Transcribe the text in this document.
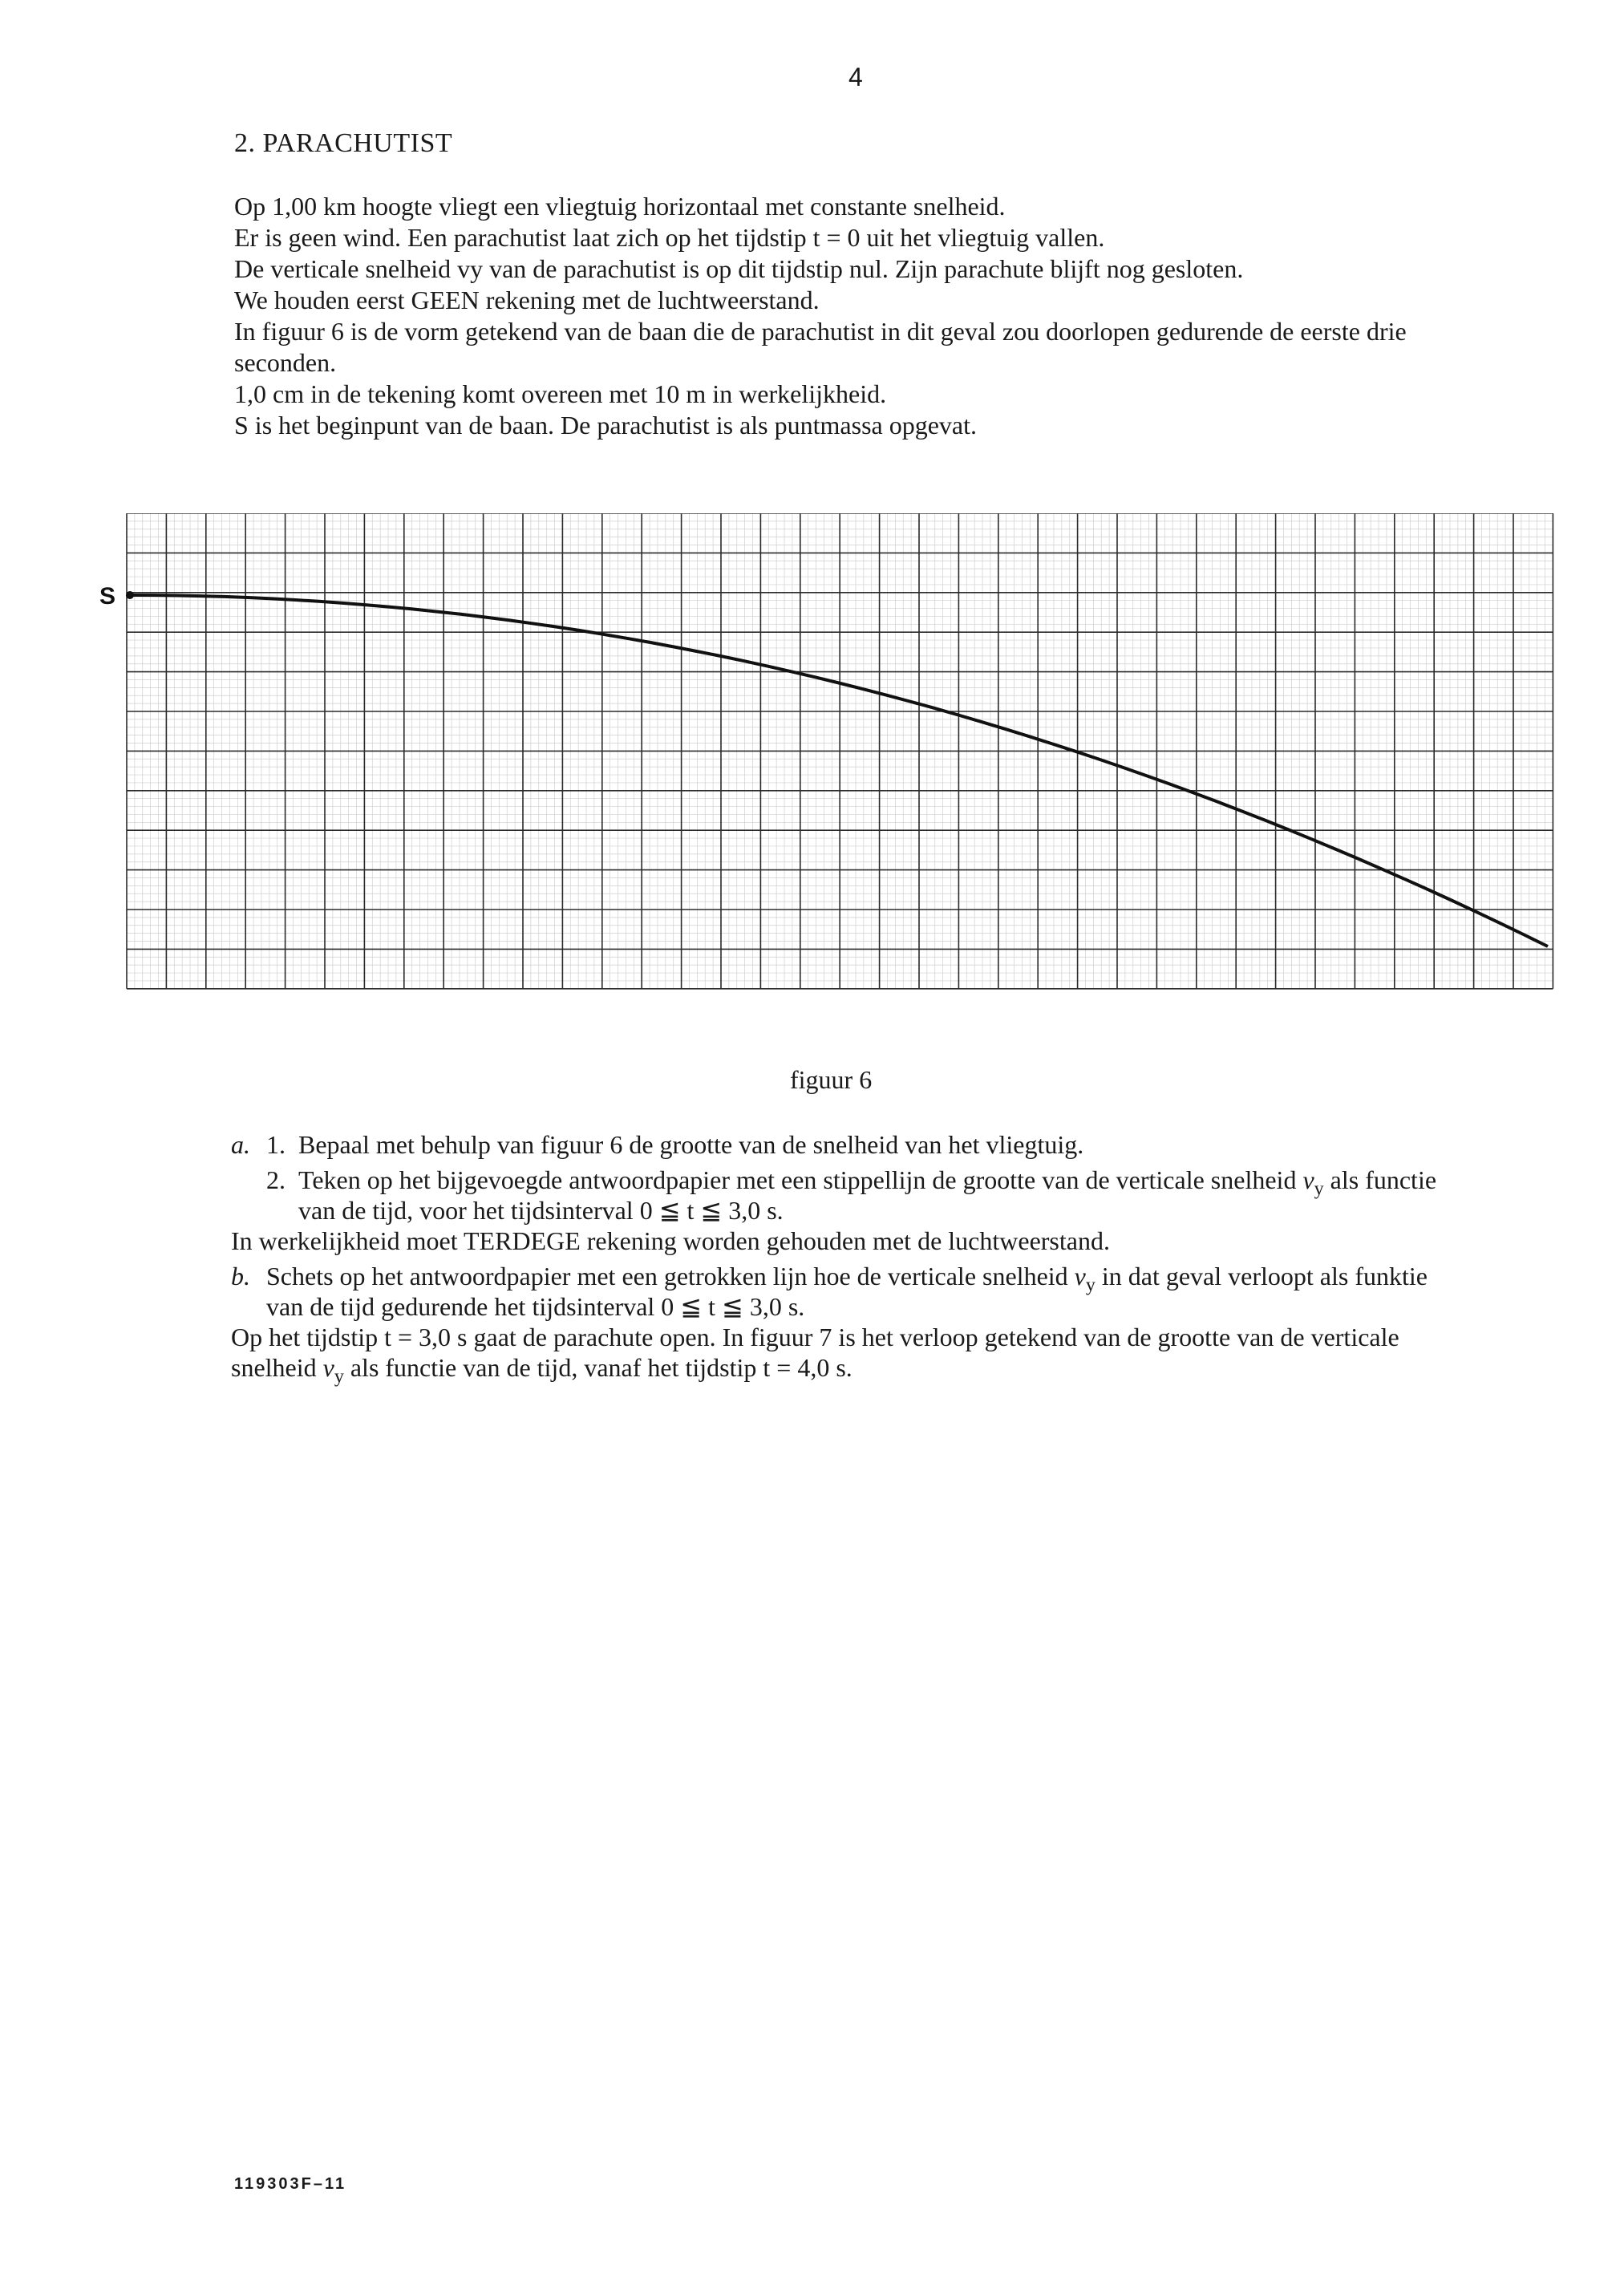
4
2. PARACHUTIST

Op 1,00 km hoogte vliegt een vliegtuig horizontaal met constante snelheid.

Er is geen wind. Een parachutist laat zich op het tijdstip t = 0 uit het vliegtuig vallen.

De verticale snelheid vy van de parachutist is op dit tijdstip nul. Zijn parachute blijft nog gesloten.

We houden eerst GEEN rekening met de luchtweerstand.

In figuur 6 is de vorm getekend van de baan die de parachutist in dit geval zou doorlopen gedurende de eerste drie seconden.

1,0 cm in de tekening komt overeen met 10 m in werkelijkheid.

S is het beginpunt van de baan. De parachutist is als puntmassa opgevat.

S
figuur 6
a. 1. Bepaal met behulp van figuur 6 de grootte van de snelheid van het vliegtuig.
2. Teken op het bijgevoegde antwoordpapier met een stippellijn de grootte van de verticale snelheid $v_y$ als functie van de tijd, voor het tijdsinterval 0 ≦ t ≦ 3,0 s.

In werkelijkheid moet TERDEGE rekening worden gehouden met de luchtweerstand.

b. Schets op het antwoordpapier met een getrokken lijn hoe de verticale snelheid $v_y$ in dat geval verloopt als funktie van de tijd gedurende het tijdsinterval 0 ≦ t ≦ 3,0 s.

Op het tijdstip t = 3,0 s gaat de parachute open. In figuur 7 is het verloop getekend van de grootte van de verticale snelheid $v_y$ als functie van de tijd, vanaf het tijdstip t = 4,0 s.

119303F–11
